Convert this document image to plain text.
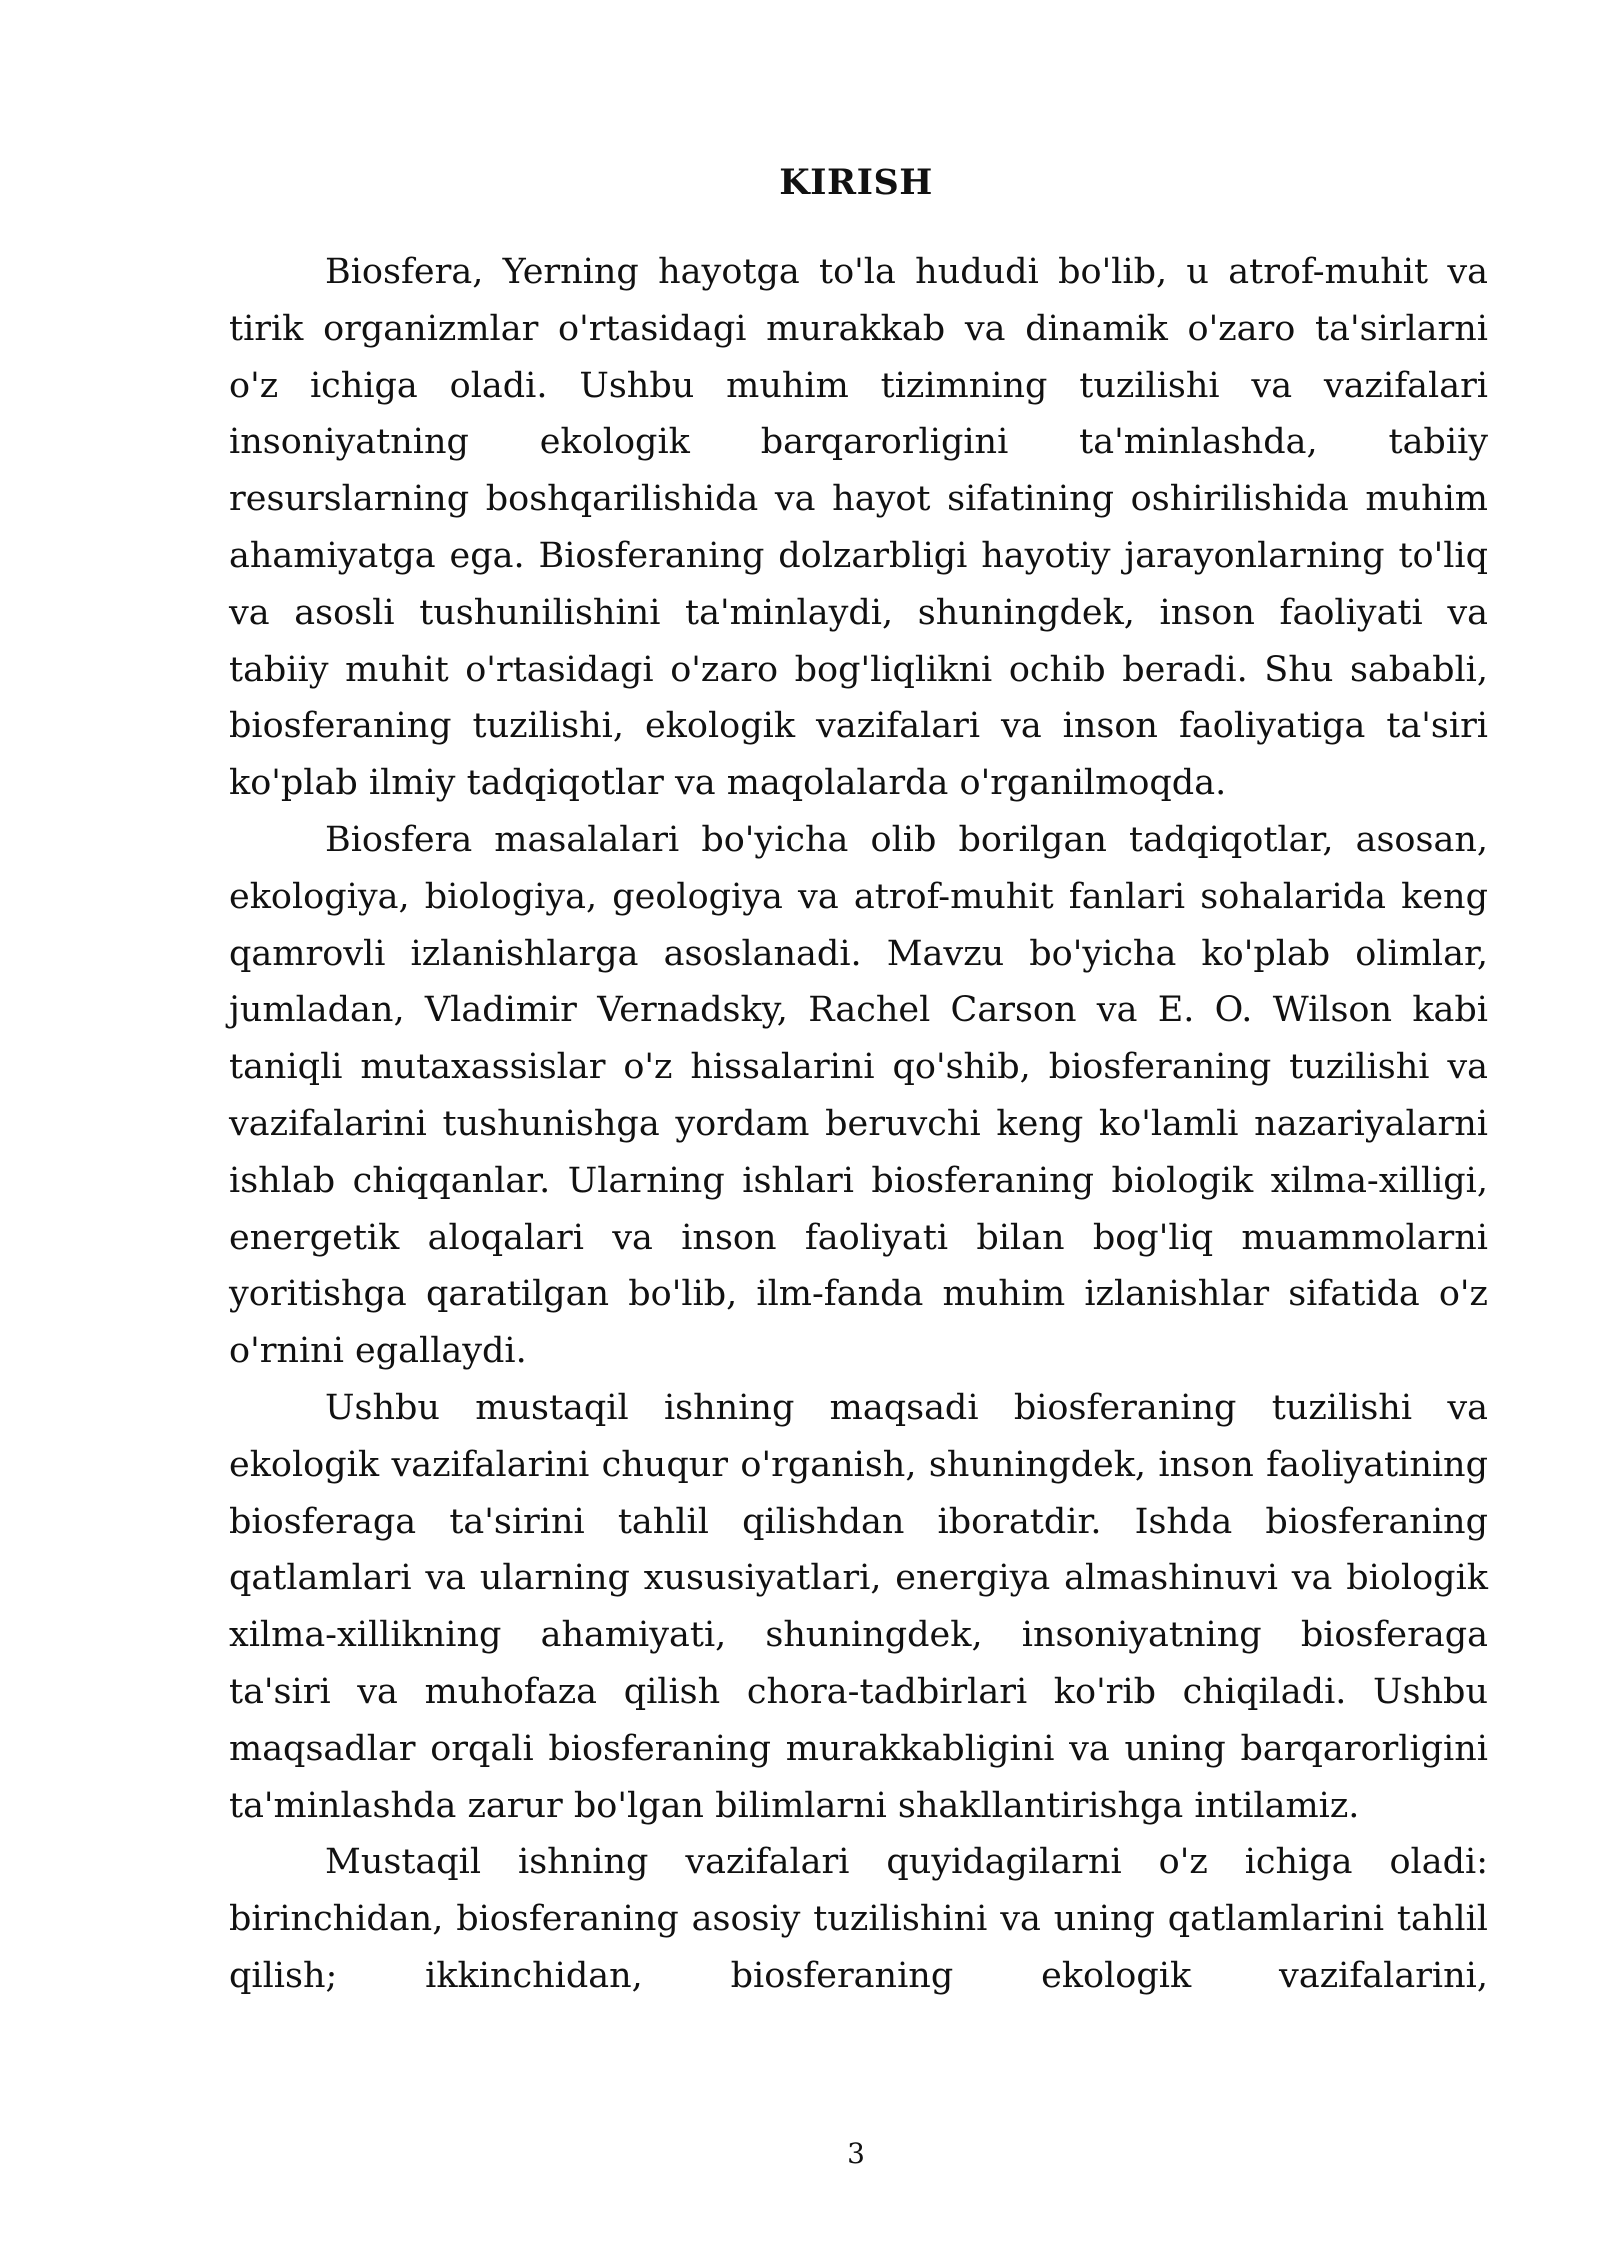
KIRISH

Biosfera, Yerning hayotga to'la hududi bo'lib, u atrof-muhit va tirik organizmlar o'rtasidagi murakkab va dinamik o'zaro ta'sirlarni o'z ichiga oladi. Ushbu muhim tizimning tuzilishi va vazifalari insoniyatning ekologik barqarorligini ta'minlashda, tabiiy resurslarning boshqarilishida va hayot sifatining oshirilishida muhim ahamiyatga ega. Biosferaning dolzarbligi hayotiy jarayonlarning to'liq va asosli tushunilishini ta'minlaydi, shuningdek, inson faoliyati va tabiiy muhit o'rtasidagi o'zaro bog'liqlikni ochib beradi. Shu sababli, biosferaning tuzilishi, ekologik vazifalari va inson faoliyatiga ta'siri ko'plab ilmiy tadqiqotlar va maqolalarda o'rganilmoqda.

Biosfera masalalari bo'yicha olib borilgan tadqiqotlar, asosan, ekologiya, biologiya, geologiya va atrof-muhit fanlari sohalarida keng qamrovli izlanishlarga asoslanadi. Mavzu bo'yicha ko'plab olimlar, jumladan, Vladimir Vernadsky, Rachel Carson va E. O. Wilson kabi taniqli mutaxassislar o'z hissalarini qo'shib, biosferaning tuzilishi va vazifalarini tushunishga yordam beruvchi keng ko'lamli nazariyalarni ishlab chiqqanlar. Ularning ishlari biosferaning biologik xilma-xilligi, energetik aloqalari va inson faoliyati bilan bog'liq muammolarni yoritishga qaratilgan bo'lib, ilm-fanda muhim izlanishlar sifatida o'z o'rnini egallaydi.

Ushbu mustaqil ishning maqsadi biosferaning tuzilishi va ekologik vazifalarini chuqur o'rganish, shuningdek, inson faoliyatining biosferaga ta'sirini tahlil qilishdan iboratdir. Ishda biosferaning qatlamlari va ularning xususiyatlari, energiya almashinuvi va biologik xilma-xillikning ahamiyati, shuningdek, insoniyatning biosferaga ta'siri va muhofaza qilish chora-tadbirlari ko'rib chiqiladi. Ushbu maqsadlar orqali biosferaning murakkabligini va uning barqarorligini ta'minlashda zarur bo'lgan bilimlarni shakllantirishga intilamiz.

Mustaqil ishning vazifalari quyidagilarni o'z ichiga oladi: birinchidan, biosferaning asosiy tuzilishini va uning qatlamlarini tahlil qilish; ikkinchidan, biosferaning ekologik vazifalarini,

3
